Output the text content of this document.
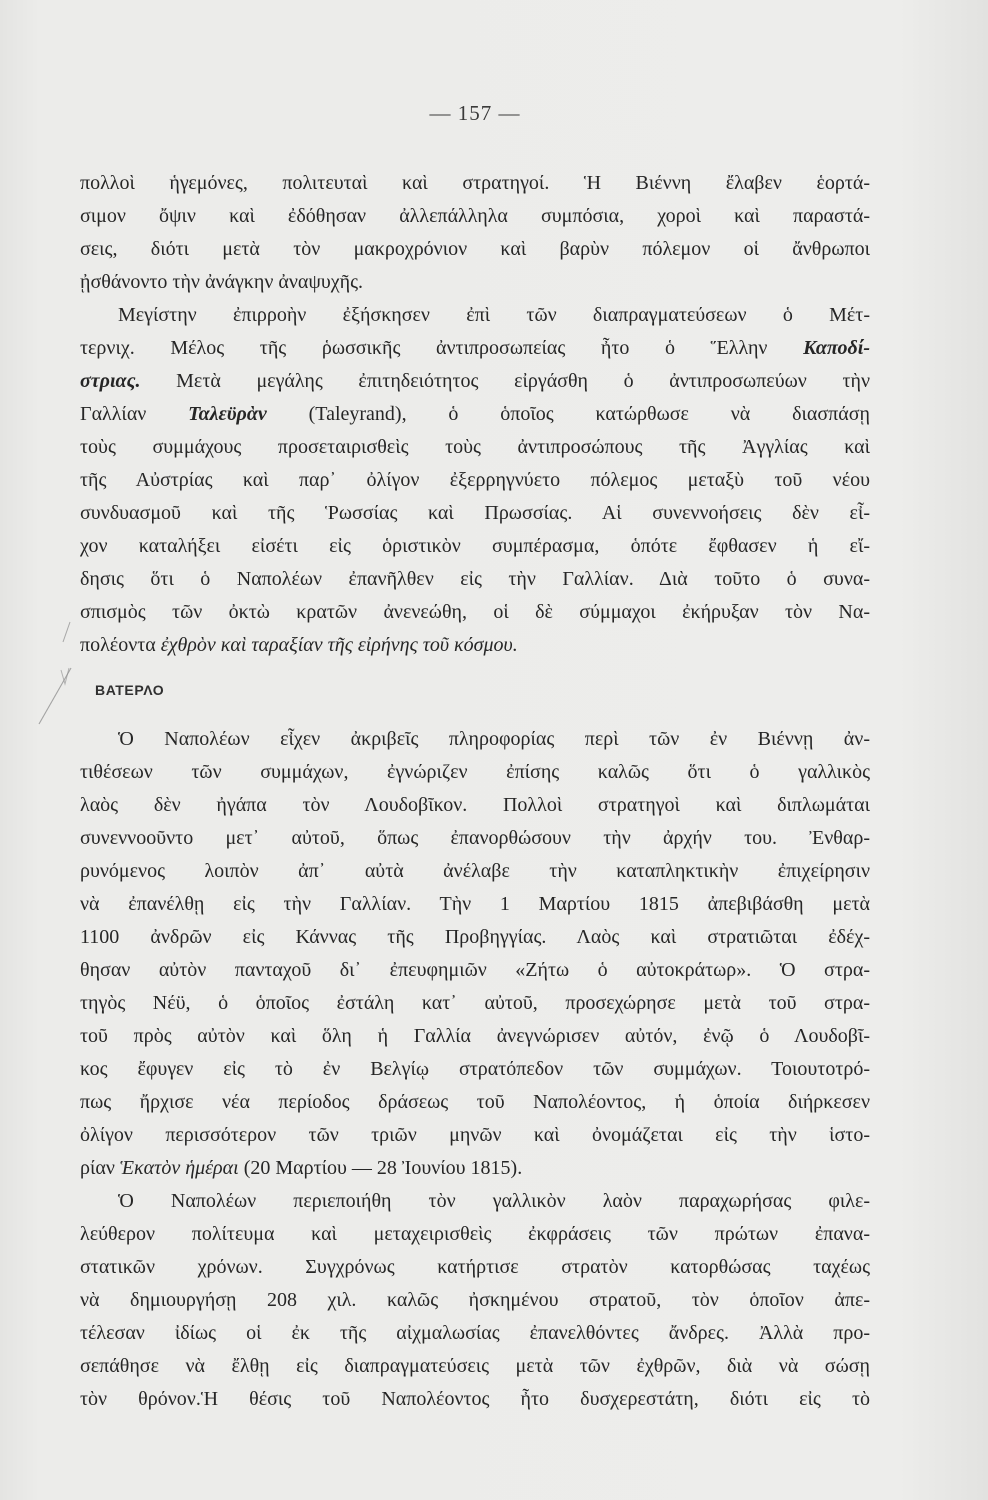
— 157 —
πολλοὶ ἡγεμόνες, πολιτευταὶ καὶ στρατηγοί. Ἡ Βιέννη ἔλαβεν ἑορτά-
σιμον ὄψιν καὶ ἐδόθησαν ἀλλεπάλληλα συμπόσια, χοροὶ καὶ παραστά-
σεις, διότι μετὰ τὸν μακροχρόνιον καὶ βαρὺν πόλεμον οἱ ἄνθρωποι
ᾐσθάνοντο τὴν ἀνάγκην ἀναψυχῆς.
Μεγίστην ἐπιρροὴν ἐξήσκησεν ἐπὶ τῶν διαπραγματεύσεων ὁ Μέτ-
τερνιχ. Μέλος τῆς ῥωσσικῆς ἀντιπροσωπείας ἦτο ὁ Ἕλλην Καποδί-
στριας. Μετὰ μεγάλης ἐπιτηδειότητος εἰργάσθη ὁ ἀντιπροσωπεύων τὴν
Γαλλίαν Ταλεϋρὰν (Taleyrand), ὁ ὁποῖος κατώρθωσε νὰ διασπάσῃ
τοὺς συμμάχους προσεταιρισθεὶς τοὺς ἀντιπροσώπους τῆς Ἀγγλίας καὶ
τῆς Αὐστρίας καὶ παρ᾽ ὀλίγον ἐξερρηγνύετο πόλεμος μεταξὺ τοῦ νέου
συνδυασμοῦ καὶ τῆς Ῥωσσίας καὶ Πρωσσίας. Αἱ συνεννοήσεις δὲν εἶ-
χον καταλήξει εἰσέτι εἰς ὁριστικὸν συμπέρασμα, ὁπότε ἔφθασεν ἡ εἴ-
δησις ὅτι ὁ Ναπολέων ἐπανῆλθεν εἰς τὴν Γαλλίαν. Διὰ τοῦτο ὁ συνα-
σπισμὸς τῶν ὀκτὼ κρατῶν ἀνενεώθη, οἱ δὲ σύμμαχοι ἐκήρυξαν τὸν Να-
πολέοντα ἐχθρὸν καὶ ταραξίαν τῆς εἰρήνης τοῦ κόσμου.
ΒΑΤΕΡΛΟ
Ὁ Ναπολέων εἶχεν ἀκριβεῖς πληροφορίας περὶ τῶν ἐν Βιέννῃ ἀν-
τιθέσεων τῶν συμμάχων, ἐγνώριζεν ἐπίσης καλῶς ὅτι ὁ γαλλικὸς
λαὸς δὲν ἠγάπα τὸν Λουδοβῖκον. Πολλοὶ στρατηγοὶ καὶ διπλωμάται
συνεννοοῦντο μετ᾽ αὐτοῦ, ὅπως ἐπανορθώσουν τὴν ἀρχήν του. Ἐνθαρ-
ρυνόμενος λοιπὸν ἀπ᾽ αὐτὰ ἀνέλαβε τὴν καταπληκτικὴν ἐπιχείρησιν
νὰ ἐπανέλθῃ εἰς τὴν Γαλλίαν. Τὴν 1 Μαρτίου 1815 ἀπεβιβάσθη μετὰ
1100 ἀνδρῶν εἰς Κάννας τῆς Προβηγγίας. Λαὸς καὶ στρατιῶται ἐδέχ-
θησαν αὐτὸν πανταχοῦ δι᾽ ἐπευφημιῶν «Ζήτω ὁ αὐτοκράτωρ». Ὁ στρα-
τηγὸς Νέϋ, ὁ ὁποῖος ἐστάλη κατ᾽ αὐτοῦ, προσεχώρησε μετὰ τοῦ στρα-
τοῦ πρὸς αὐτὸν καὶ ὅλη ἡ Γαλλία ἀνεγνώρισεν αὐτόν, ἐνῷ ὁ Λουδοβῖ-
κος ἔφυγεν εἰς τὸ ἐν Βελγίῳ στρατόπεδον τῶν συμμάχων. Τοιουτοτρό-
πως ἤρχισε νέα περίοδος δράσεως τοῦ Ναπολέοντος, ἡ ὁποία διήρκεσεν
ὀλίγον περισσότερον τῶν τριῶν μηνῶν καὶ ὀνομάζεται εἰς τὴν ἱστο-
ρίαν Ἑκατὸν ἡμέραι (20 Μαρτίου — 28 Ἰουνίου 1815).
Ὁ Ναπολέων περιεποιήθη τὸν γαλλικὸν λαὸν παραχωρήσας φιλε-
λεύθερον πολίτευμα καὶ μεταχειρισθεὶς ἐκφράσεις τῶν πρώτων ἐπανα-
στατικῶν χρόνων. Συγχρόνως κατήρτισε στρατὸν κατορθώσας ταχέως
νὰ δημιουργήσῃ 208 χιλ. καλῶς ἠσκημένου στρατοῦ, τὸν ὁποῖον ἀπε-
τέλεσαν ἰδίως οἱ ἐκ τῆς αἰχμαλωσίας ἐπανελθόντες ἄνδρες. Ἀλλὰ προ-
σεπάθησε νὰ ἔλθῃ εἰς διαπραγματεύσεις μετὰ τῶν ἐχθρῶν, διὰ νὰ σώσῃ
τὸν θρόνον.Ἡ θέσις τοῦ Ναπολέοντος ἦτο δυσχερεστάτη, διότι εἰς τὸ
